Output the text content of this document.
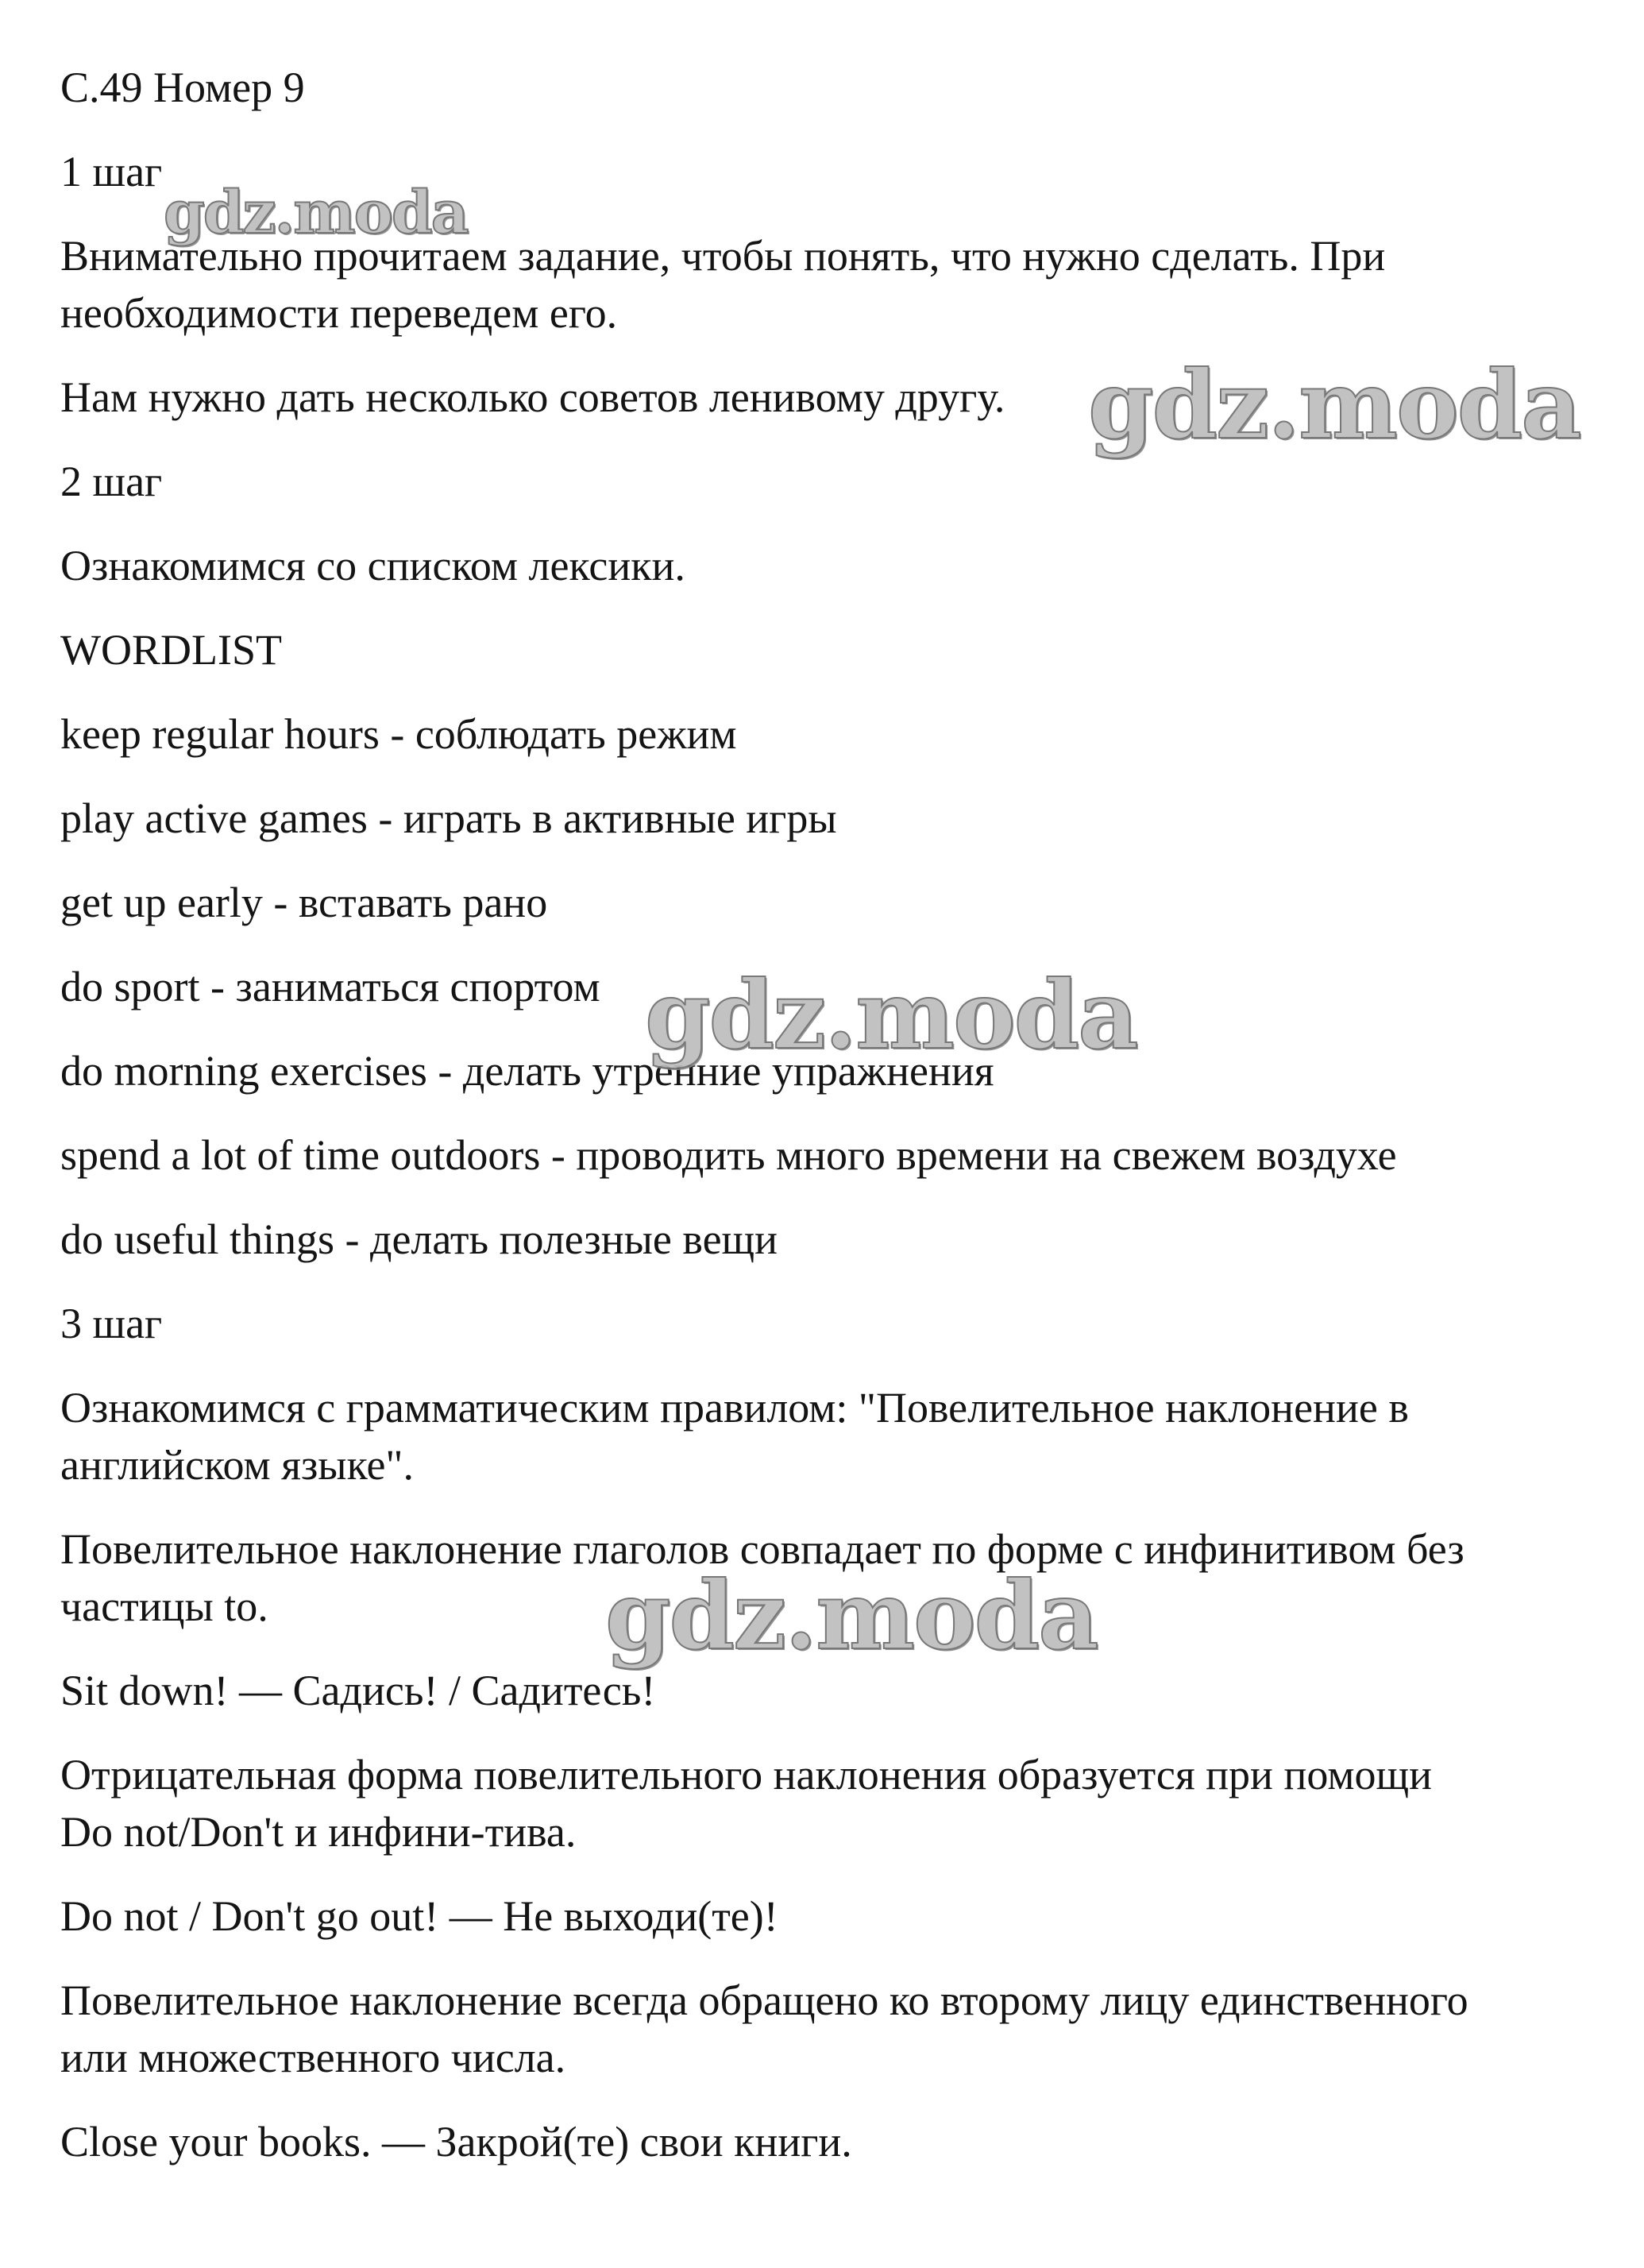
С.49 Номер 9
1 шаг
Внимательно прочитаем задание, чтобы понять, что нужно сделать. При
необходимости переведем его.
Нам нужно дать несколько советов ленивому другу.
2 шаг
Ознакомимся со списком лексики.
WORDLIST
keep regular hours - соблюдать режим
play active games - играть в активные игры
get up early - вставать рано
do sport - заниматься спортом
do morning exercises - делать утренние упражнения
spend a lot of time outdoors - проводить много времени на свежем воздухе
do useful things - делать полезные вещи
3 шаг
Ознакомимся с грамматическим правилом: "Повелительное наклонение в
английском языке".
Повелительное наклонение глаголов совпадает по форме с инфинитивом без
частицы to.
Sit down! — Садись! / Садитесь!
Отрицательная форма повелительного наклонения образуется при помощи
Do not/Don't и инфини-тива.
Do not / Don't go out! — Не выходи(те)!
Повелительное наклонение всегда обращено ко второму лицу единственного
или множественного числа.
Close your books. — Закрой(те) свои книги.
gdz.moda
gdz.moda
gdz.moda
gdz.moda
